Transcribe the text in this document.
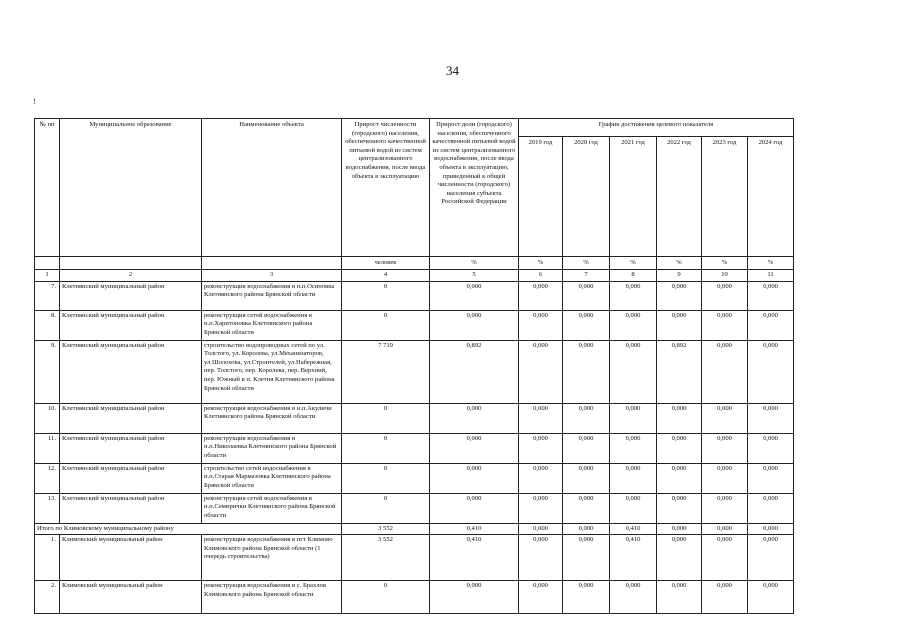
34
!
№ пп	Муниципальное образование	Наименование объекта	Прирост численности (городского) населения, обеспеченного качественной питьевой водой из систем централизованного водоснабжения, после ввода объекта в эксплуатацию	Прирост доли (городского) населения, обеспеченного качественной питьевой водой из систем централизованного водоснабжения, после ввода объекта в эксплуатацию, приведенный к общей численности (городского) населения субъекта Российской Федерации	График достижения целевого показателя					
					2019 год	2020 год	2021 год	2022 год	2023 год	2024 год
			человек	%	%	%	%	%	%	%
1	2	3	4	5	6	7	8	9	10	11
7.	Клетнянский муниципальный район	реконструкция водоснабжения в н.п.Осиновка Клетнянского района Брянской области	0	0,000	0,000	0,000	0,000	0,000	0,000	0,000
8.	Клетнянский муниципальный район	реконструкция сетей водоснабжения в н.п.Харитоновка Клетнянского района Брянской области	0	0,000	0,000	0,000	0,000	0,000	0,000	0,000
9.	Клетнянский муниципальный район	строительство водопроводных сетей по ул. Толстого, ул. Королева, ул.Механизаторов, ул.Шолохова, ул.Строителей, ул.Набережная, пер. Толстого, пер. Королева, пер. Верхний, пер. Южный в п. Клетня Клетнянского района Брянской области	7 719	0,892	0,000	0,000	0,000	0,892	0,000	0,000
10.	Клетнянский муниципальный район	реконструкция водоснабжения в н.п.Акуличи Клетнянского района Брянской области	0	0,000	0,000	0,000	0,000	0,000	0,000	0,000
11.	Клетнянский муниципальный район	реконструкция водоснабжения в н.п.Николаевка Клетнянского района Брянской области	0	0,000	0,000	0,000	0,000	0,000	0,000	0,000
12.	Клетнянский муниципальный район	строительство сетей водоснабжения в н.п.Старая Мармазовка Клетнянского района Брянской области	0	0,000	0,000	0,000	0,000	0,000	0,000	0,000
13.	Клетнянский муниципальный район	реконструкция сетей водоснабжения в н.п.Семирички Клетнянского района Брянской области	0	0,000	0,000	0,000	0,000	0,000	0,000	0,000
Итого по Климовскому муниципальному району			3 552	0,410	0,000	0,000	0,410	0,000	0,000	0,000
1.	Климовский муниципальный район	реконструкция водоснабжения в пгт Климово Климовского района Брянской области (1 очередь строительства)	3 552	0,410	0,000	0,000	0,410	0,000	0,000	0,000
2.	Климовский муниципальный район	реконструкция водоснабжения в с. Брахлов Климовского района Брянской области	0	0,000	0,000	0,000	0,000	0,000	0,000	0,000
